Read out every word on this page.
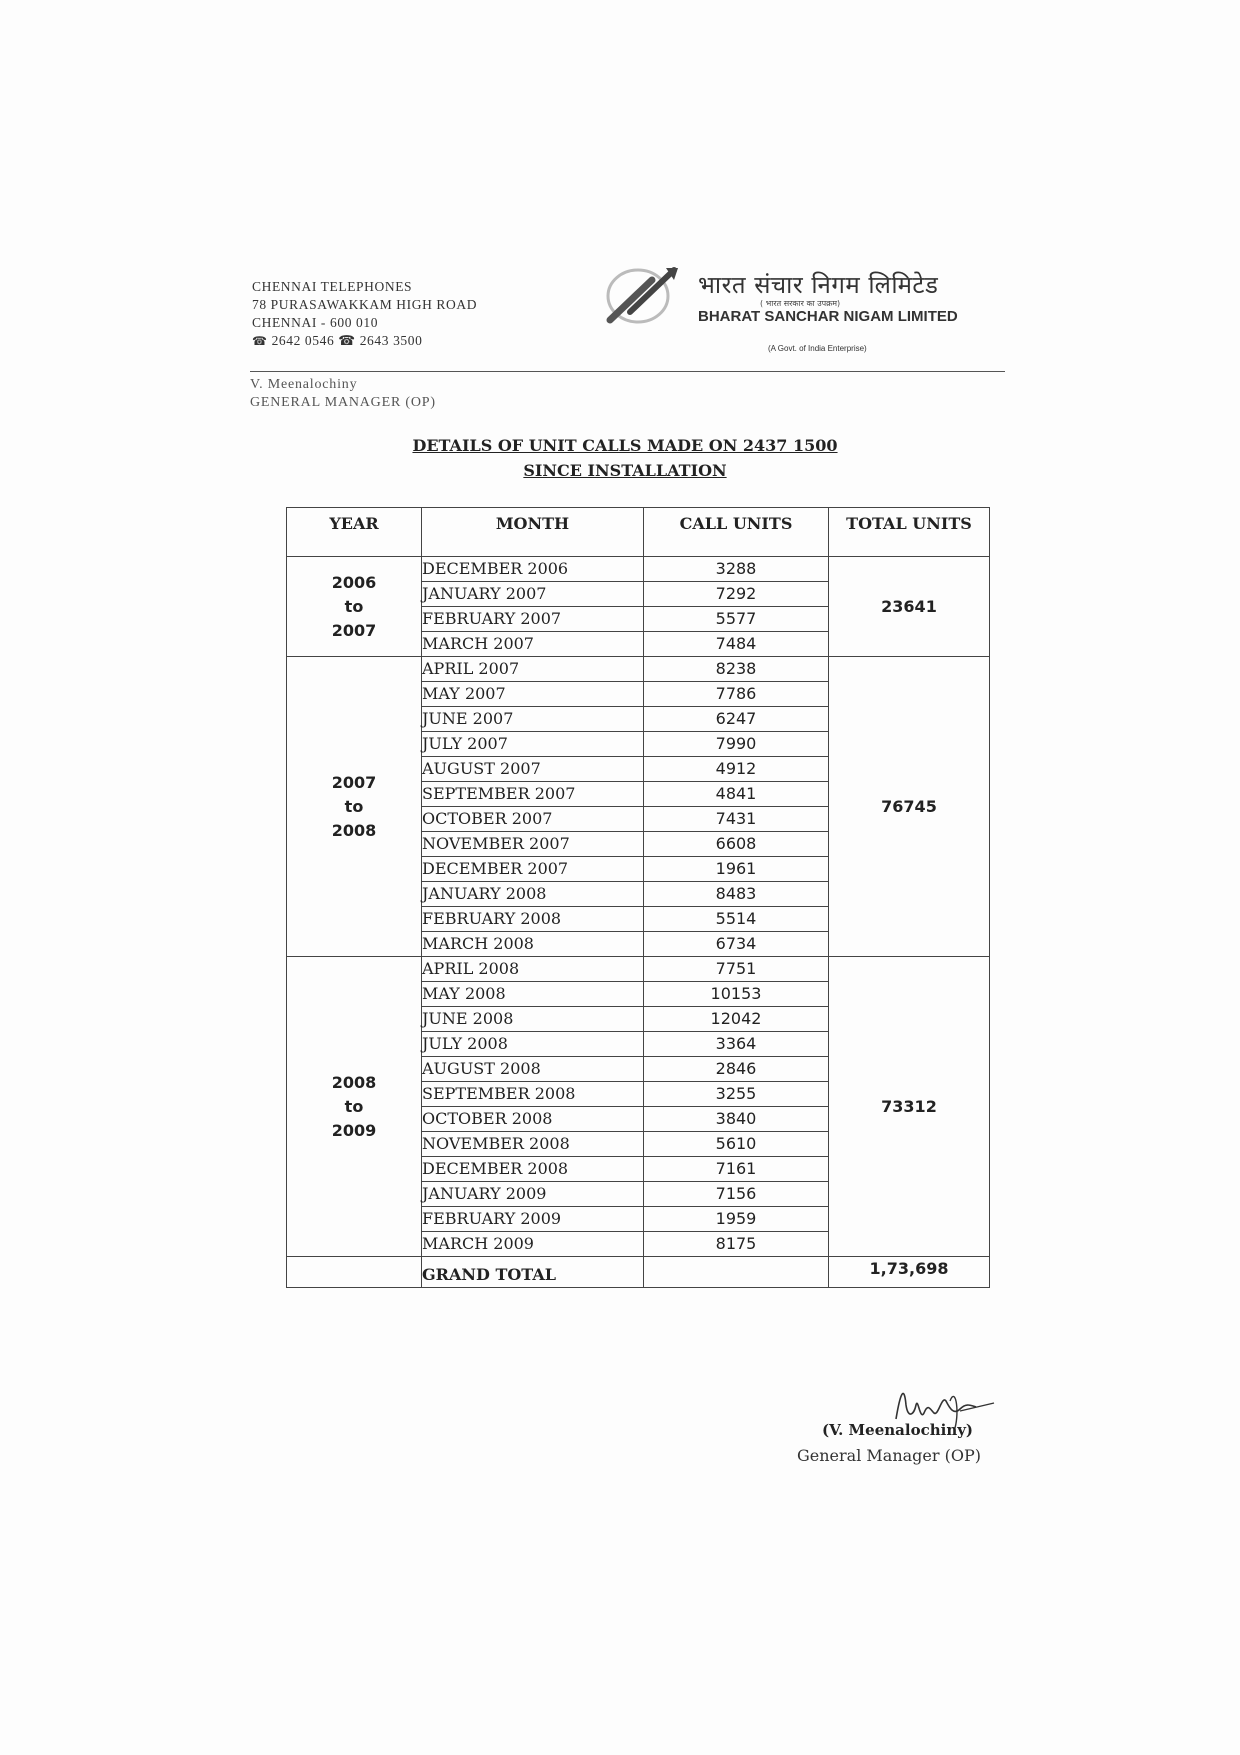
CHENNAI TELEPHONES
78 PURASAWAKKAM HIGH ROAD
CHENNAI - 600 010
☎ 2642 0546 ☎ 2643 3500
भारत संचार निगम लिमिटेड
( भारत सरकार का उपक्रम)
BHARAT SANCHAR NIGAM LIMITED
(A Govt. of India Enterprise)
V. Meenalochiny
GENERAL MANAGER (OP)
DETAILS OF UNIT CALLS MADE ON 2437 1500
SINCE INSTALLATION
YEAR	MONTH	CALL UNITS	TOTAL UNITS

2006
to
2007	DECEMBER 2006	3288	23641
	JANUARY 2007	7292	
	FEBRUARY 2007	5577	
	MARCH 2007	7484	

2007
to
2008	APRIL 2007	8238	76745
	MAY 2007	7786	
	JUNE 2007	6247	
	JULY 2007	7990	
	AUGUST 2007	4912	
	SEPTEMBER 2007	4841	
	OCTOBER 2007	7431	
	NOVEMBER 2007	6608	
	DECEMBER 2007	1961	
	JANUARY 2008	8483	
	FEBRUARY 2008	5514	
	MARCH 2008	6734	

2008
to
2009	APRIL 2008	7751	73312
	MAY 2008	10153	
	JUNE 2008	12042	
	JULY 2008	3364	
	AUGUST 2008	2846	
	SEPTEMBER 2008	3255	
	OCTOBER 2008	3840	
	NOVEMBER 2008	5610	
	DECEMBER 2008	7161	
	JANUARY 2009	7156	
	FEBRUARY 2009	1959	
	MARCH 2009	8175	
	GRAND TOTAL		1,73,698
(V. Meenalochiny)
General Manager (OP)
